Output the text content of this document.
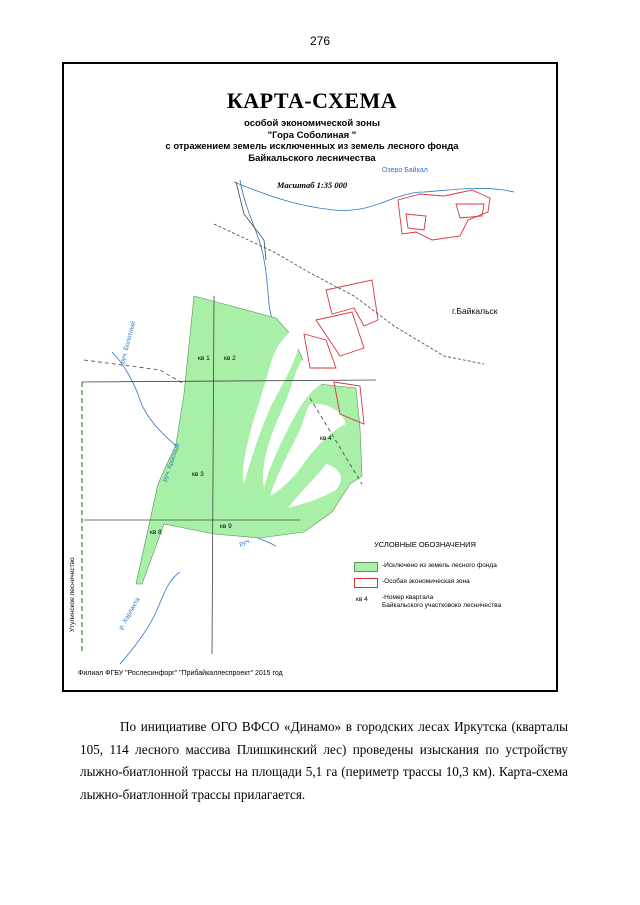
276
КАРТА-СХЕМА
особой экономической зоны
"Гора Соболиная "
с отражением земель исключенных из земель лесного фонда
Байкальского лесничества
Масштаб 1:35 000
Озеро Байкал
г.Байкальск
руч. Болотный
руч. Красный
руч.
р. Харлахта
Утулинское лесничество
кв 1 кв 2
кв 3
кв 4
кв 8
кв 9
УСЛОВНЫЕ ОБОЗНАЧЕНИЯ
-Исключено из земель лесного фонда
-Особая экономическая зона
кв 4 -Номер квартала
Байкальского участковоко лесничества
Филиал ФГБУ "Рослесинфорг" "Прибайкаллеспроект" 2015 год
По инициативе ОГО ВФСО «Динамо» в городских лесах Иркутска (кварталы 105, 114 лесного массива Плишкинский лес) проведены изыскания по устройству лыжно-биатлонной трассы на площади 5,1 га (периметр трассы 10,3 км). Карта-схема лыжно-биатлонной трассы прилагается.
